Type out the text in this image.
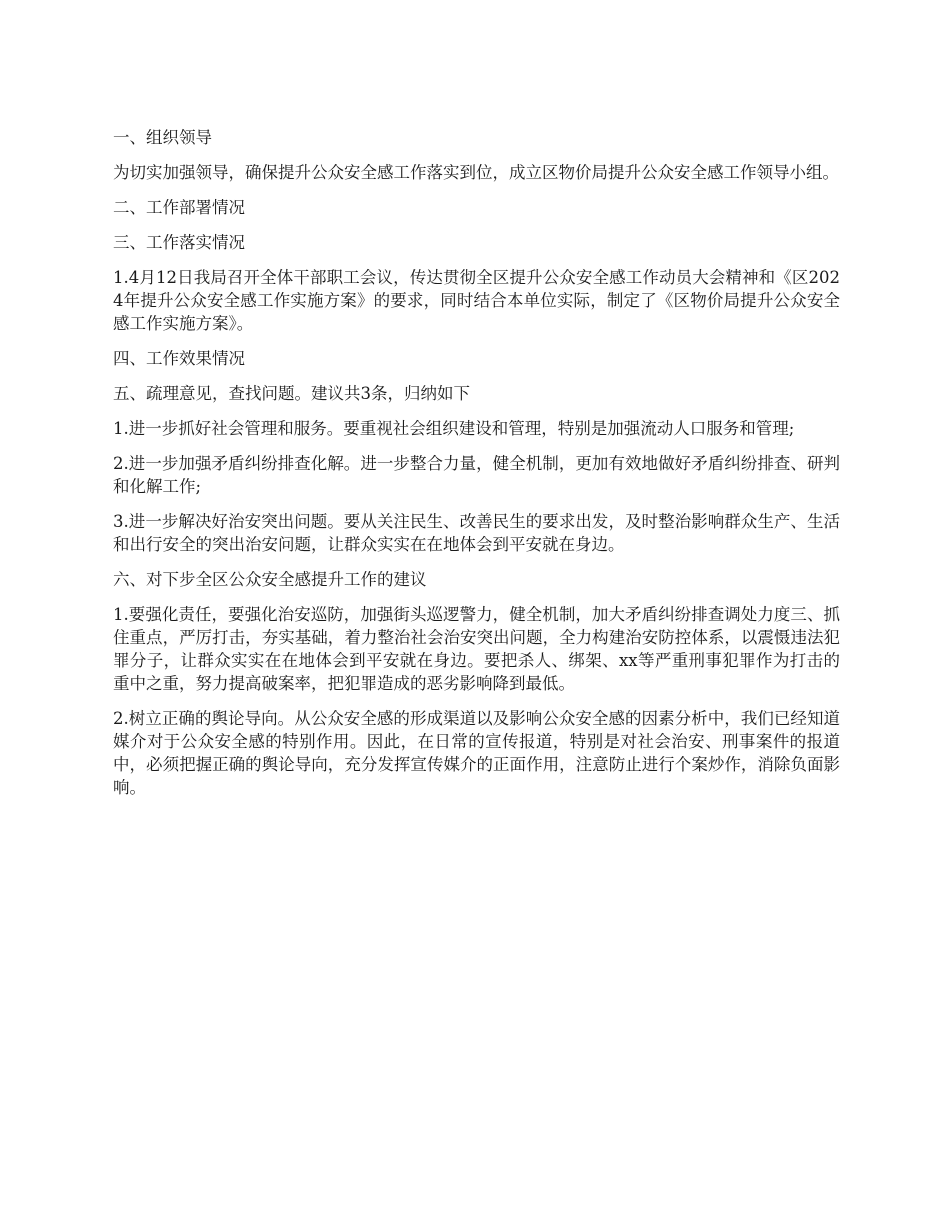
一、组织领导

为切实加强领导，确保提升公众安全感工作落实到位，成立区物价局提升公众安全感工作领导小组。

二、工作部署情况

三、工作落实情况

1.4月12日我局召开全体干部职工会议，传达贯彻全区提升公众安全感工作动员大会精神和《区2024年提升公众安全感工作实施方案》的要求，同时结合本单位实际，制定了《区物价局提升公众安全感工作实施方案》。

四、工作效果情况

五、疏理意见，查找问题。建议共3条，归纳如下

1.进一步抓好社会管理和服务。要重视社会组织建设和管理，特别是加强流动人口服务和管理;

2.进一步加强矛盾纠纷排查化解。进一步整合力量，健全机制，更加有效地做好矛盾纠纷排查、研判和化解工作;

3.进一步解决好治安突出问题。要从关注民生、改善民生的要求出发，及时整治影响群众生产、生活和出行安全的突出治安问题，让群众实实在在地体会到平安就在身边。

六、对下步全区公众安全感提升工作的建议

1.要强化责任，要强化治安巡防，加强街头巡逻警力，健全机制，加大矛盾纠纷排查调处力度三、抓住重点，严厉打击，夯实基础，着力整治社会治安突出问题，全力构建治安防控体系，以震慑违法犯罪分子，让群众实实在在地体会到平安就在身边。要把杀人、绑架、xx等严重刑事犯罪作为打击的重中之重，努力提高破案率，把犯罪造成的恶劣影响降到最低。

2.树立正确的舆论导向。从公众安全感的形成渠道以及影响公众安全感的因素分析中，我们已经知道媒介对于公众安全感的特别作用。因此，在日常的宣传报道，特别是对社会治安、刑事案件的报道中，必须把握正确的舆论导向，充分发挥宣传媒介的正面作用，注意防止进行个案炒作，消除负面影响。
